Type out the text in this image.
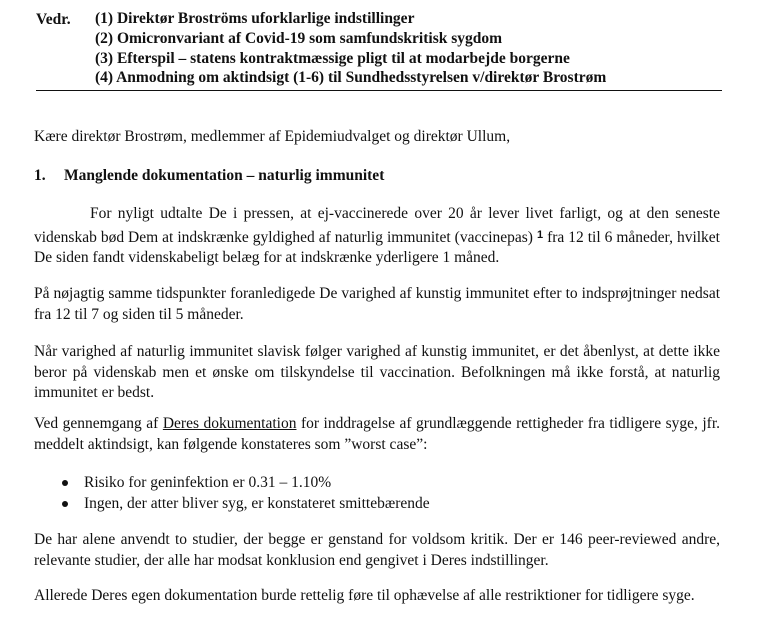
Vedr. (1) Direktør Broströms uforklarlige indstillinger
(2) Omicronvariant af Covid-19 som samfundskritisk sygdom
(3) Efterspil – statens kontraktmæssige pligt til at modarbejde borgerne
(4) Anmodning om aktindsigt (1-6) til Sundhedsstyrelsen v/direktør Brostrøm
Kære direktør Brostrøm, medlemmer af Epidemiudvalget og direktør Ullum,
1. Manglende dokumentation – naturlig immunitet
For nyligt udtalte De i pressen, at ej-vaccinerede over 20 år lever livet farligt, og at den seneste videnskab bød Dem at indskrænke gyldighed af naturlig immunitet (vaccinepas) $^1$ fra 12 til 6 måneder, hvilket De siden fandt videnskabeligt belæg for at indskrænke yderligere 1 måned.
På nøjagtig samme tidspunkter foranledigede De varighed af kunstig immunitet efter to indsprøjtninger nedsat fra 12 til 7 og siden til 5 måneder.
Når varighed af naturlig immunitet slavisk følger varighed af kunstig immunitet, er det åbenlyst, at dette ikke beror på videnskab men et ønske om tilskyndelse til vaccination. Befolkningen må ikke forstå, at naturlig immunitet er bedst.
Ved gennemgang af Deres dokumentation for inddragelse af grundlæggende rettigheder fra tidligere syge, jfr. meddelt aktindsigt, kan følgende konstateres som ”worst case”:
Risiko for geninfektion er 0.31 – 1.10%
Ingen, der atter bliver syg, er konstateret smittebærende
De har alene anvendt to studier, der begge er genstand for voldsom kritik. Der er 146 peer-reviewed andre, relevante studier, der alle har modsat konklusion end gengivet i Deres indstillinger.
Allerede Deres egen dokumentation burde rettelig føre til ophævelse af alle restriktioner for tidligere syge.
